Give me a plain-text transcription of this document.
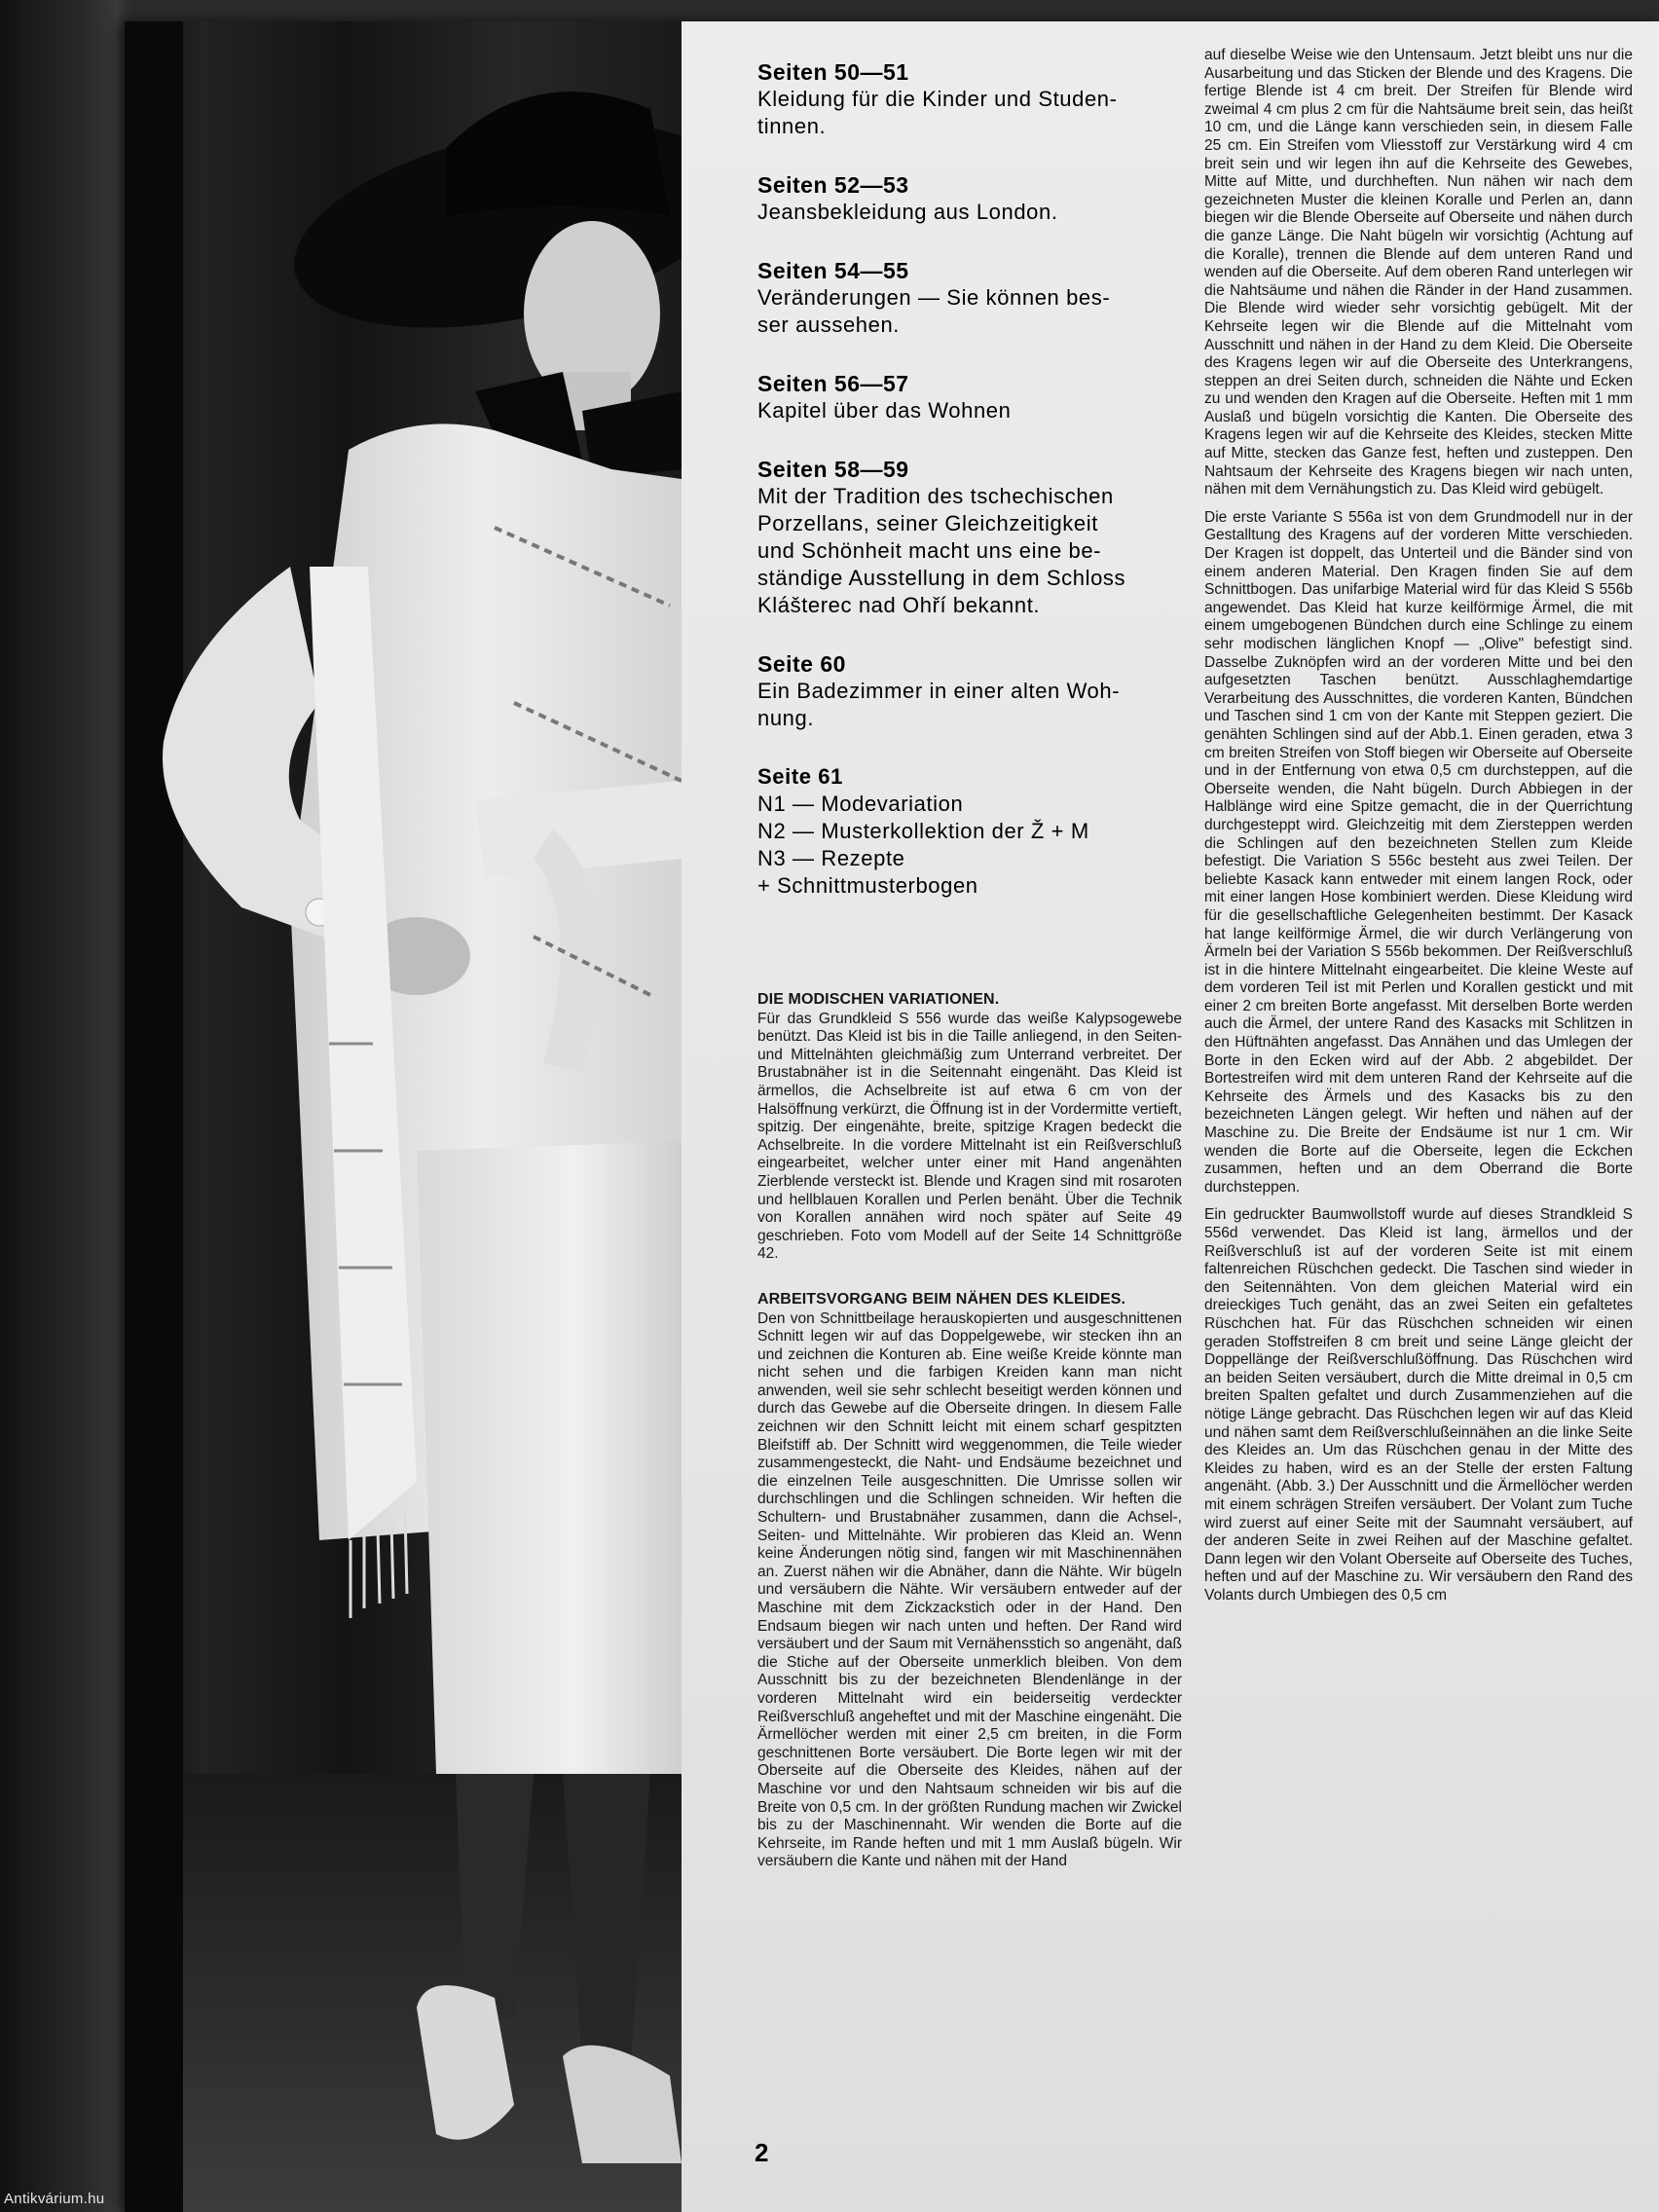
Seiten 50—51
Kleidung für die Kinder und Studen-
tinnen.
Seiten 52—53
Jeansbekleidung aus London.
Seiten 54—55
Veränderungen — Sie können bes-
ser aussehen.
Seiten 56—57
Kapitel über das Wohnen
Seiten 58—59
Mit der Tradition des tschechischen
Porzellans, seiner Gleichzeitigkeit
und Schönheit macht uns eine be-
ständige Ausstellung in dem Schloss
Klášterec nad Ohří bekannt.
Seite 60
Ein Badezimmer in einer alten Woh-
nung.
Seite 61
N1 — Modevariation
N2 — Musterkollektion der Ž + M
N3 — Rezepte
+ Schnittmusterbogen
DIE MODISCHEN VARIATIONEN.

Für das Grundkleid S 556 wurde das weiße Kalypsogewebe benützt. Das Kleid ist bis in die Taille anliegend, in den Seiten- und Mittelnähten gleichmäßig zum Unterrand verbreitet. Der Brustabnäher ist in die Seitennaht eingenäht. Das Kleid ist ärmellos, die Achselbreite ist auf etwa 6 cm von der Halsöffnung verkürzt, die Öffnung ist in der Vordermitte vertieft, spitzig. Der eingenähte, breite, spitzige Kragen bedeckt die Achselbreite. In die vordere Mittelnaht ist ein Reißverschluß eingearbeitet, welcher unter einer mit Hand angenähten Zierblende versteckt ist. Blende und Kragen sind mit rosaroten und hellblauen Korallen und Perlen benäht. Über die Technik von Korallen annähen wird noch später auf Seite 49 geschrieben. Foto vom Modell auf der Seite 14 Schnittgröße 42.

ARBEITSVORGANG BEIM NÄHEN DES KLEIDES.

Den von Schnittbeilage herauskopierten und ausgeschnittenen Schnitt legen wir auf das Doppelgewebe, wir stecken ihn an und zeichnen die Konturen ab. Eine weiße Kreide könnte man nicht sehen und die farbigen Kreiden kann man nicht anwenden, weil sie sehr schlecht beseitigt werden können und durch das Gewebe auf die Oberseite dringen. In diesem Falle zeichnen wir den Schnitt leicht mit einem scharf gespitzten Bleifstiff ab. Der Schnitt wird weggenommen, die Teile wieder zusammengesteckt, die Naht- und Endsäume bezeichnet und die einzelnen Teile ausgeschnitten. Die Umrisse sollen wir durchschlingen und die Schlingen schneiden. Wir heften die Schultern- und Brustabnäher zusammen, dann die Achsel-, Seiten- und Mittelnähte. Wir probieren das Kleid an. Wenn keine Änderungen nötig sind, fangen wir mit Maschinennähen an. Zuerst nähen wir die Abnäher, dann die Nähte. Wir bügeln und versäubern die Nähte. Wir versäubern entweder auf der Maschine mit dem Zickzackstich oder in der Hand. Den Endsaum biegen wir nach unten und heften. Der Rand wird versäubert und der Saum mit Vernähensstich so angenäht, daß die Stiche auf der Oberseite unmerklich bleiben. Von dem Ausschnitt bis zu der bezeichneten Blendenlänge in der vorderen Mittelnaht wird ein beiderseitig verdeckter Reißverschluß angeheftet und mit der Maschine eingenäht. Die Ärmellöcher werden mit einer 2,5 cm breiten, in die Form geschnittenen Borte versäubert. Die Borte legen wir mit der Oberseite auf die Oberseite des Kleides, nähen auf der Maschine vor und den Nahtsaum schneiden wir bis auf die Breite von 0,5 cm. In der größten Rundung machen wir Zwickel bis zu der Maschinennaht. Wir wenden die Borte auf die Kehrseite, im Rande heften und mit 1 mm Auslaß bügeln. Wir versäubern die Kante und nähen mit der Hand

auf dieselbe Weise wie den Untensaum. Jetzt bleibt uns nur die Ausarbeitung und das Sticken der Blende und des Kragens. Die fertige Blende ist 4 cm breit. Der Streifen für Blende wird zweimal 4 cm plus 2 cm für die Nahtsäume breit sein, das heißt 10 cm, und die Länge kann verschieden sein, in diesem Falle 25 cm. Ein Streifen vom Vliesstoff zur Verstärkung wird 4 cm breit sein und wir legen ihn auf die Kehrseite des Gewebes, Mitte auf Mitte, und durchheften. Nun nähen wir nach dem gezeichneten Muster die kleinen Koralle und Perlen an, dann biegen wir die Blende Oberseite auf Oberseite und nähen durch die ganze Länge. Die Naht bügeln wir vorsichtig (Achtung auf die Koralle), trennen die Blende auf dem unteren Rand und wenden auf die Oberseite. Auf dem oberen Rand unterlegen wir die Nahtsäume und nähen die Ränder in der Hand zusammen. Die Blende wird wieder sehr vorsichtig gebügelt. Mit der Kehrseite legen wir die Blende auf die Mittelnaht vom Ausschnitt und nähen in der Hand zu dem Kleid. Die Oberseite des Kragens legen wir auf die Oberseite des Unterkrangens, steppen an drei Seiten durch, schneiden die Nähte und Ecken zu und wenden den Kragen auf die Oberseite. Heften mit 1 mm Auslaß und bügeln vorsichtig die Kanten. Die Oberseite des Kragens legen wir auf die Kehrseite des Kleides, stecken Mitte auf Mitte, stecken das Ganze fest, heften und zusteppen. Den Nahtsaum der Kehrseite des Kragens biegen wir nach unten, nähen mit dem Vernähungstich zu. Das Kleid wird gebügelt.

Die erste Variante S 556a ist von dem Grundmodell nur in der Gestalltung des Kragens auf der vorderen Mitte verschieden. Der Kragen ist doppelt, das Unterteil und die Bänder sind von einem anderen Material. Den Kragen finden Sie auf dem Schnittbogen. Das unifarbige Material wird für das Kleid S 556b angewendet. Das Kleid hat kurze keilförmige Ärmel, die mit einem umgebogenen Bündchen durch eine Schlinge zu einem sehr modischen länglichen Knopf — „Olive" befestigt sind. Dasselbe Zuknöpfen wird an der vorderen Mitte und bei den aufgesetzten Taschen benützt. Ausschlaghemdartige Verarbeitung des Ausschnittes, die vorderen Kanten, Bündchen und Taschen sind 1 cm von der Kante mit Steppen geziert. Die genähten Schlingen sind auf der Abb.1. Einen geraden, etwa 3 cm breiten Streifen von Stoff biegen wir Oberseite auf Oberseite und in der Entfernung von etwa 0,5 cm durchsteppen, auf die Oberseite wenden, die Naht bügeln. Durch Abbiegen in der Halblänge wird eine Spitze gemacht, die in der Querrichtung durchgesteppt wird. Gleichzeitig mit dem Ziersteppen werden die Schlingen auf den bezeichneten Stellen zum Kleide befestigt. Die Variation S 556c besteht aus zwei Teilen. Der beliebte Kasack kann entweder mit einem langen Rock, oder mit einer langen Hose kombiniert werden. Diese Kleidung wird für die gesellschaftliche Gelegenheiten bestimmt. Der Kasack hat lange keilförmige Ärmel, die wir durch Verlängerung von Ärmeln bei der Variation S 556b bekommen. Der Reißverschluß ist in die hintere Mittelnaht eingearbeitet. Die kleine Weste auf dem vorderen Teil ist mit Perlen und Korallen gestickt und mit einer 2 cm breiten Borte angefasst. Mit derselben Borte werden auch die Ärmel, der untere Rand des Kasacks mit Schlitzen in den Hüftnähten angefasst. Das Annähen und das Umlegen der Borte in den Ecken wird auf der Abb. 2 abgebildet. Der Bortestreifen wird mit dem unteren Rand der Kehrseite auf die Kehrseite des Ärmels und des Kasacks bis zu den bezeichneten Längen gelegt. Wir heften und nähen auf der Maschine zu. Die Breite der Endsäume ist nur 1 cm. Wir wenden die Borte auf die Oberseite, legen die Eckchen zusammen, heften und an dem Oberrand die Borte durchsteppen.

Ein gedruckter Baumwollstoff wurde auf dieses Strandkleid S 556d verwendet. Das Kleid ist lang, ärmellos und der Reißverschluß ist auf der vorderen Seite ist mit einem faltenreichen Rüschchen gedeckt. Die Taschen sind wieder in den Seitennähten. Von dem gleichen Material wird ein dreieckiges Tuch genäht, das an zwei Seiten ein gefaltetes Rüschchen hat. Für das Rüschchen schneiden wir einen geraden Stoffstreifen 8 cm breit und seine Länge gleicht der Doppellänge der Reißverschlußöffnung. Das Rüschchen wird an beiden Seiten versäubert, durch die Mitte dreimal in 0,5 cm breiten Spalten gefaltet und durch Zusammenziehen auf die nötige Länge gebracht. Das Rüschchen legen wir auf das Kleid und nähen samt dem Reißverschlußeinnähen an die linke Seite des Kleides an. Um das Rüschchen genau in der Mitte des Kleides zu haben, wird es an der Stelle der ersten Faltung angenäht. (Abb. 3.) Der Ausschnitt und die Ärmellöcher werden mit einem schrägen Streifen versäubert. Der Volant zum Tuche wird zuerst auf einer Seite mit der Saumnaht versäubert, auf der anderen Seite in zwei Reihen auf der Maschine gefaltet. Dann legen wir den Volant Oberseite auf Oberseite des Tuches, heften und auf der Maschine zu. Wir versäubern den Rand des Volants durch Umbiegen des 0,5 cm

2
Antikvárium.hu
